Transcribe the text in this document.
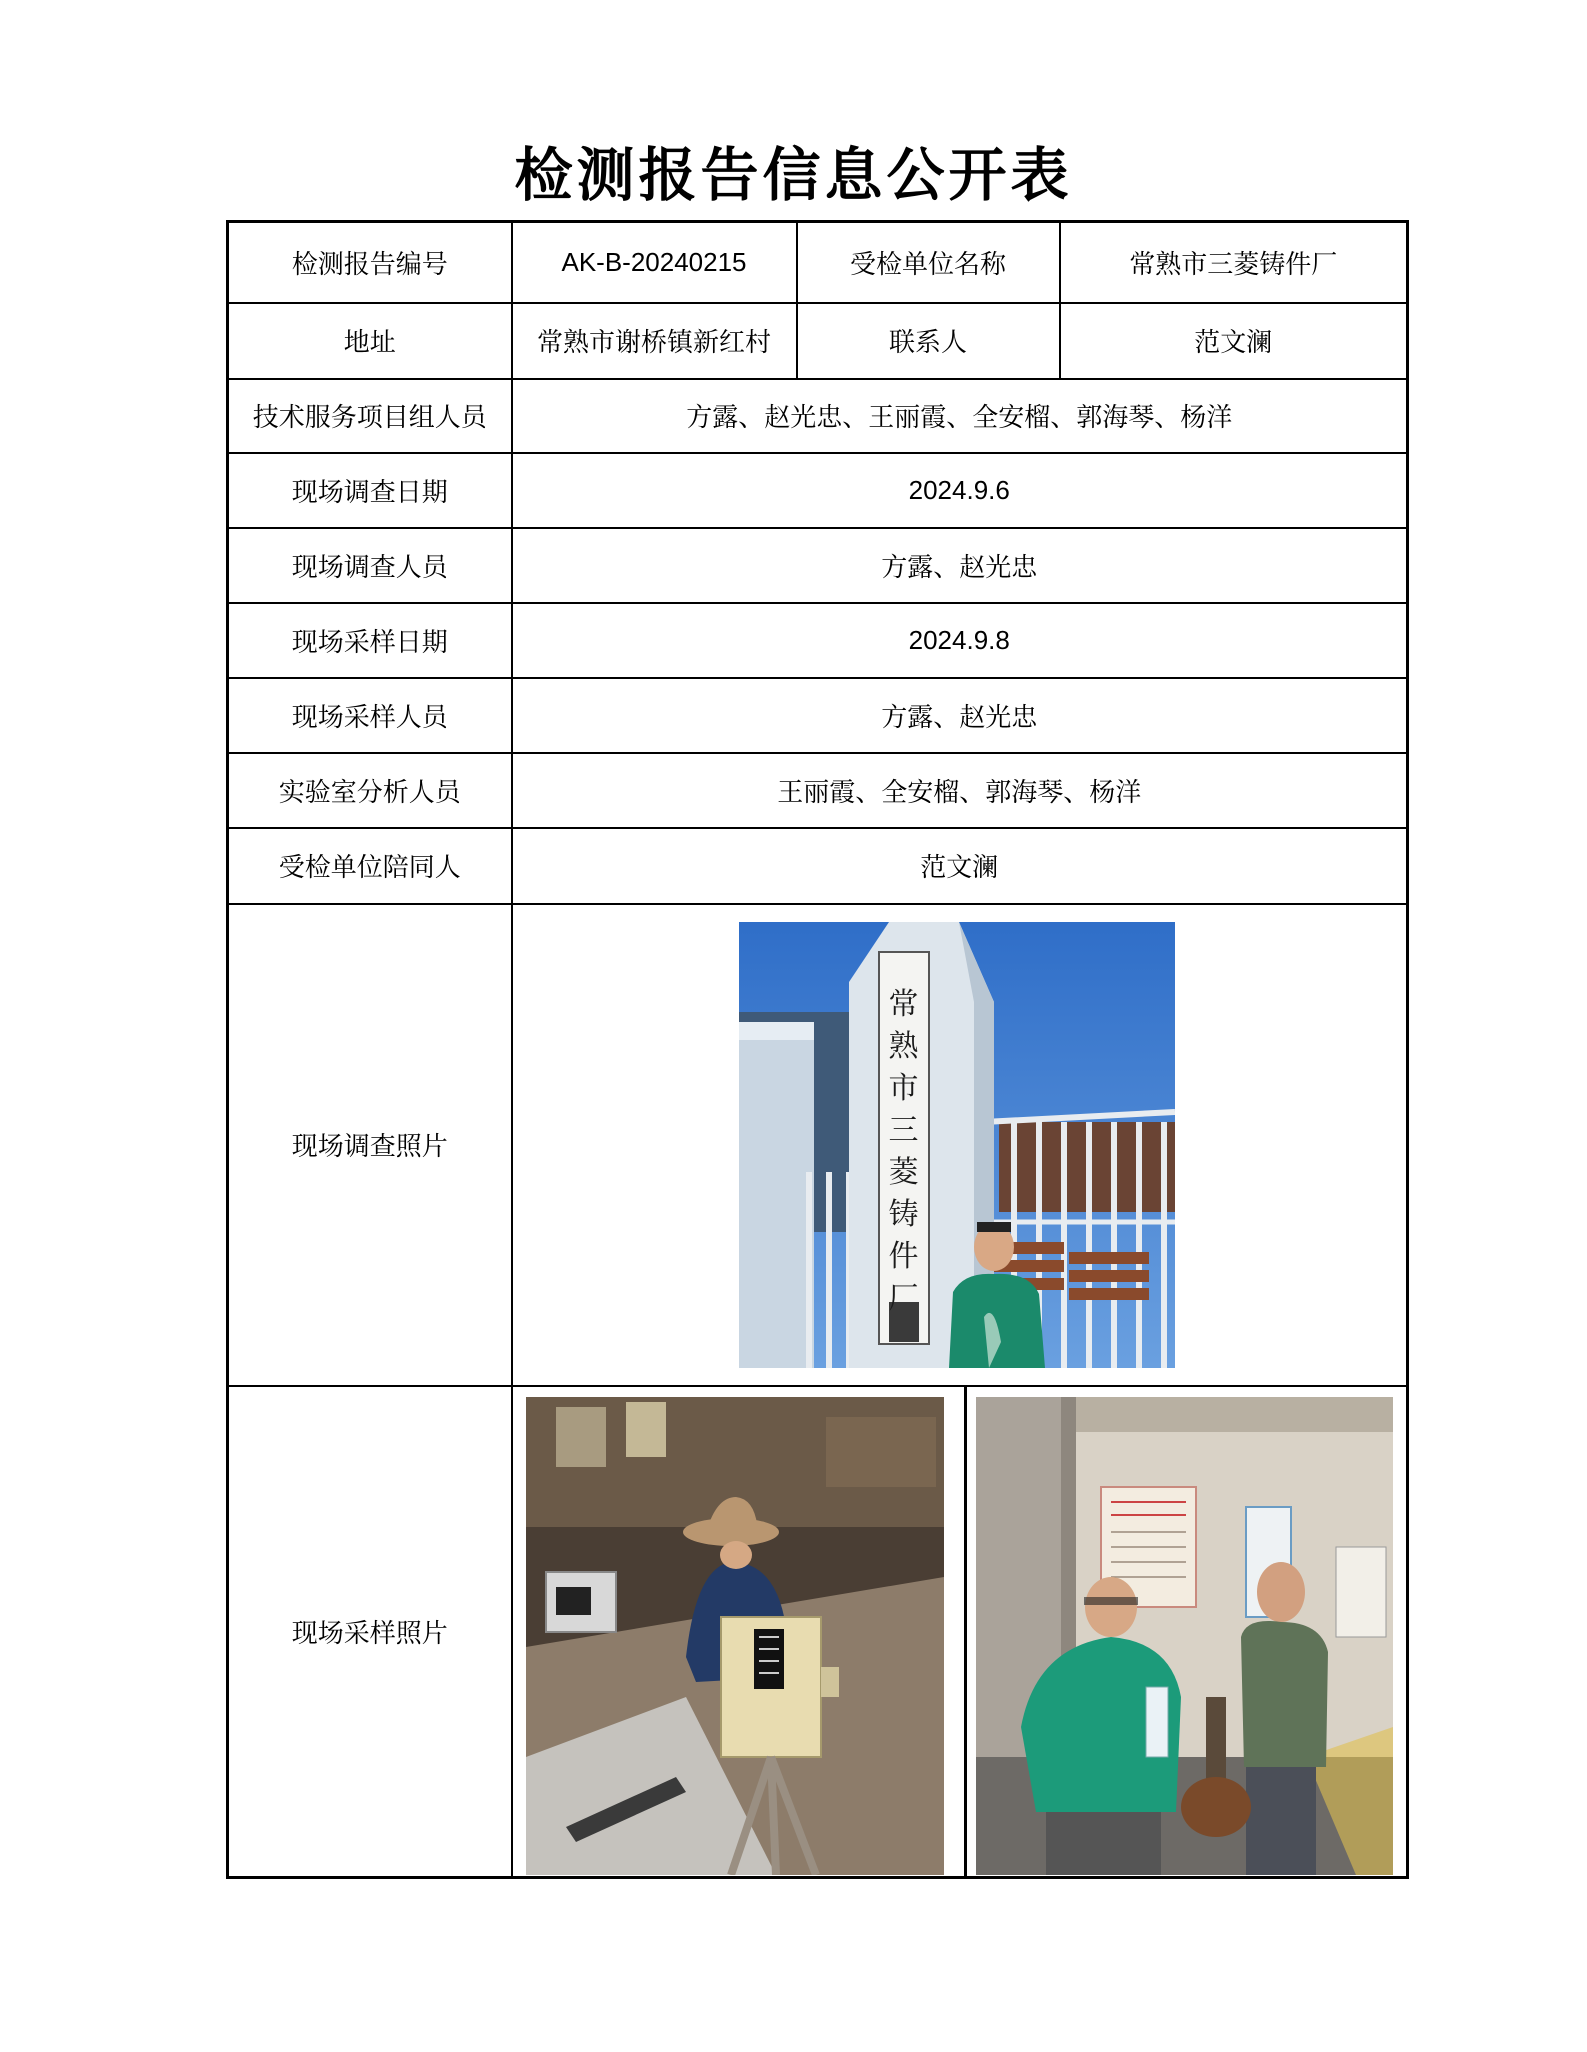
检测报告信息公开表
检测报告编号	AK-B-20240215	受检单位名称	常熟市三菱铸件厂
地址	常熟市谢桥镇新红村	联系人	范文澜
技术服务项目组人员	方露、赵光忠、王丽霞、全安榴、郭海琴、杨洋		
现场调查日期	2024.9.6		
现场调查人员	方露、赵光忠		
现场采样日期	2024.9.8		
现场采样人员	方露、赵光忠		
实验室分析人员	王丽霞、全安榴、郭海琴、杨洋		
受检单位陪同人	范文澜		
现场调查照片	常熟市三菱铸件厂		

现场采样照片	
